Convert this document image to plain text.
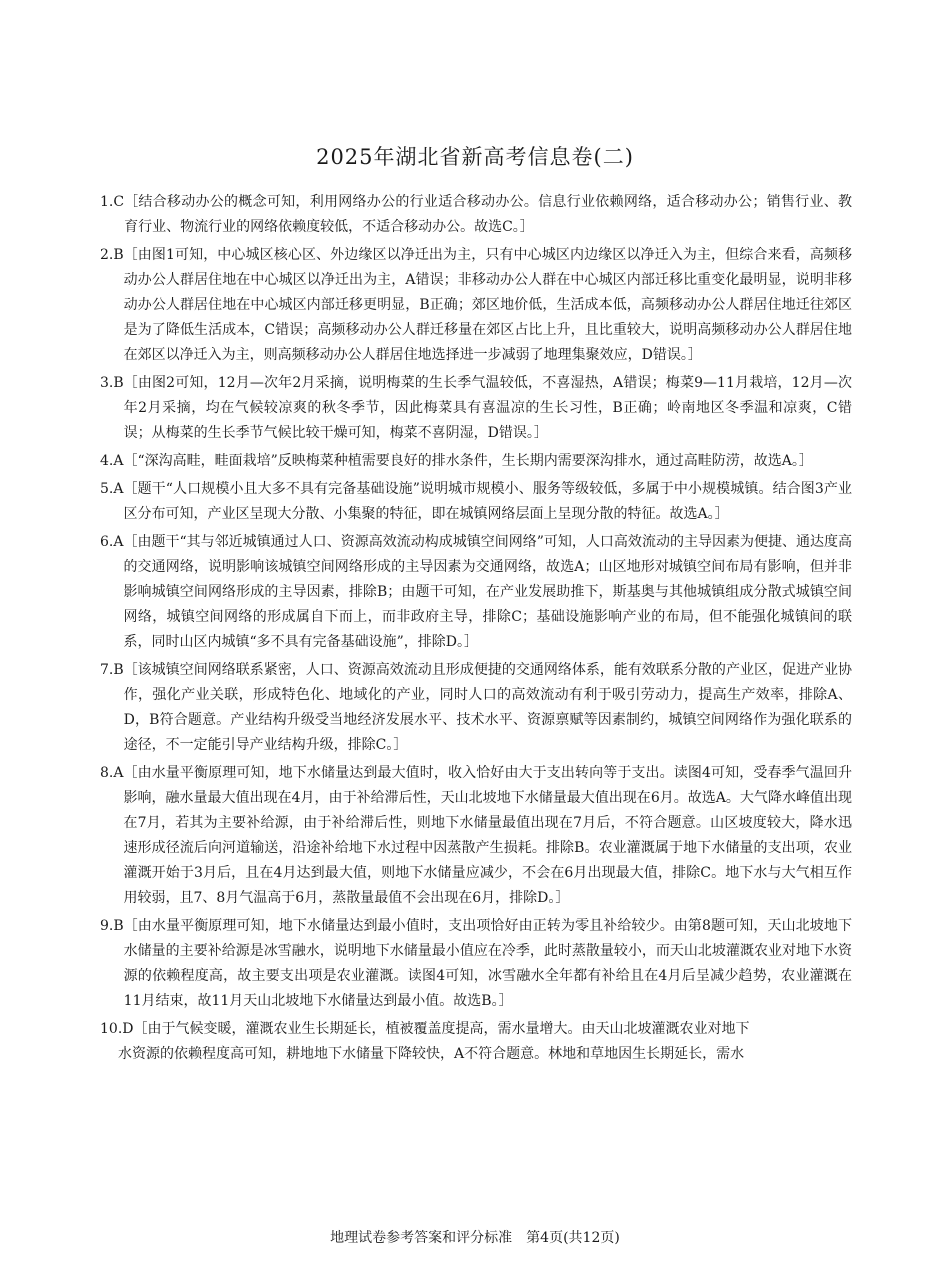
2025年湖北省新高考信息卷(二)
1.C ［结合移动办公的概念可知，利用网络办公的行业适合移动办公。信息行业依赖网络，适合移动办公；销售行业、教育行业、物流行业的网络依赖度较低，不适合移动办公。故选C。］
2.B ［由图1可知，中心城区核心区、外边缘区以净迁出为主，只有中心城区内边缘区以净迁入为主，但综合来看，高频移动办公人群居住地在中心城区以净迁出为主，A错误；非移动办公人群在中心城区内部迁移比重变化最明显，说明非移动办公人群居住地在中心城区内部迁移更明显，B正确；郊区地价低，生活成本低，高频移动办公人群居住地迁往郊区是为了降低生活成本，C错误；高频移动办公人群迁移量在郊区占比上升，且比重较大，说明高频移动办公人群居住地在郊区以净迁入为主，则高频移动办公人群居住地选择进一步减弱了地理集聚效应，D错误。］
3.B ［由图2可知，12月—次年2月采摘，说明梅菜的生长季气温较低，不喜湿热，A错误；梅菜9—11月栽培，12月—次年2月采摘，均在气候较凉爽的秋冬季节，因此梅菜具有喜温凉的生长习性，B正确；岭南地区冬季温和凉爽，C错误；从梅菜的生长季节气候比较干燥可知，梅菜不喜阴湿，D错误。］
4.A ［“深沟高畦，畦面栽培”反映梅菜种植需要良好的排水条件，生长期内需要深沟排水，通过高畦防涝，故选A。］
5.A ［题干“人口规模小且大多不具有完备基础设施”说明城市规模小、服务等级较低，多属于中小规模城镇。结合图3产业区分布可知，产业区呈现大分散、小集聚的特征，即在城镇网络层面上呈现分散的特征。故选A。］
6.A ［由题干“其与邻近城镇通过人口、资源高效流动构成城镇空间网络”可知，人口高效流动的主导因素为便捷、通达度高的交通网络，说明影响该城镇空间网络形成的主导因素为交通网络，故选A；山区地形对城镇空间布局有影响，但并非影响城镇空间网络形成的主导因素，排除B；由题干可知，在产业发展助推下，斯基奥与其他城镇组成分散式城镇空间网络，城镇空间网络的形成属自下而上，而非政府主导，排除C；基础设施影响产业的布局，但不能强化城镇间的联系，同时山区内城镇“多不具有完备基础设施”，排除D。］
7.B ［该城镇空间网络联系紧密，人口、资源高效流动且形成便捷的交通网络体系，能有效联系分散的产业区，促进产业协作，强化产业关联，形成特色化、地域化的产业，同时人口的高效流动有利于吸引劳动力，提高生产效率，排除A、D，B符合题意。产业结构升级受当地经济发展水平、技术水平、资源禀赋等因素制约，城镇空间网络作为强化联系的途径，不一定能引导产业结构升级，排除C。］
8.A ［由水量平衡原理可知，地下水储量达到最大值时，收入恰好由大于支出转向等于支出。读图4可知，受春季气温回升影响，融水量最大值出现在4月，由于补给滞后性，天山北坡地下水储量最大值出现在6月。故选A。大气降水峰值出现在7月，若其为主要补给源，由于补给滞后性，则地下水储量最值出现在7月后，不符合题意。山区坡度较大，降水迅速形成径流后向河道输送，沿途补给地下水过程中因蒸散产生损耗。排除B。农业灌溉属于地下水储量的支出项，农业灌溉开始于3月后，且在4月达到最大值，则地下水储量应减少，不会在6月出现最大值，排除C。地下水与大气相互作用较弱，且7、8月气温高于6月，蒸散量最值不会出现在6月，排除D。］
9.B ［由水量平衡原理可知，地下水储量达到最小值时，支出项恰好由正转为零且补给较少。由第8题可知，天山北坡地下水储量的主要补给源是冰雪融水，说明地下水储量最小值应在冷季，此时蒸散量较小，而天山北坡灌溉农业对地下水资源的依赖程度高，故主要支出项是农业灌溉。读图4可知，冰雪融水全年都有补给且在4月后呈减少趋势，农业灌溉在11月结束，故11月天山北坡地下水储量达到最小值。故选B。］
10.D ［由于气候变暖，灌溉农业生长期延长，植被覆盖度提高，需水量增大。由天山北坡灌溉农业对地下
水资源的依赖程度高可知，耕地地下水储量下降较快，A不符合题意。林地和草地因生长期延长，需水
地理试卷参考答案和评分标准　第4页(共12页)
